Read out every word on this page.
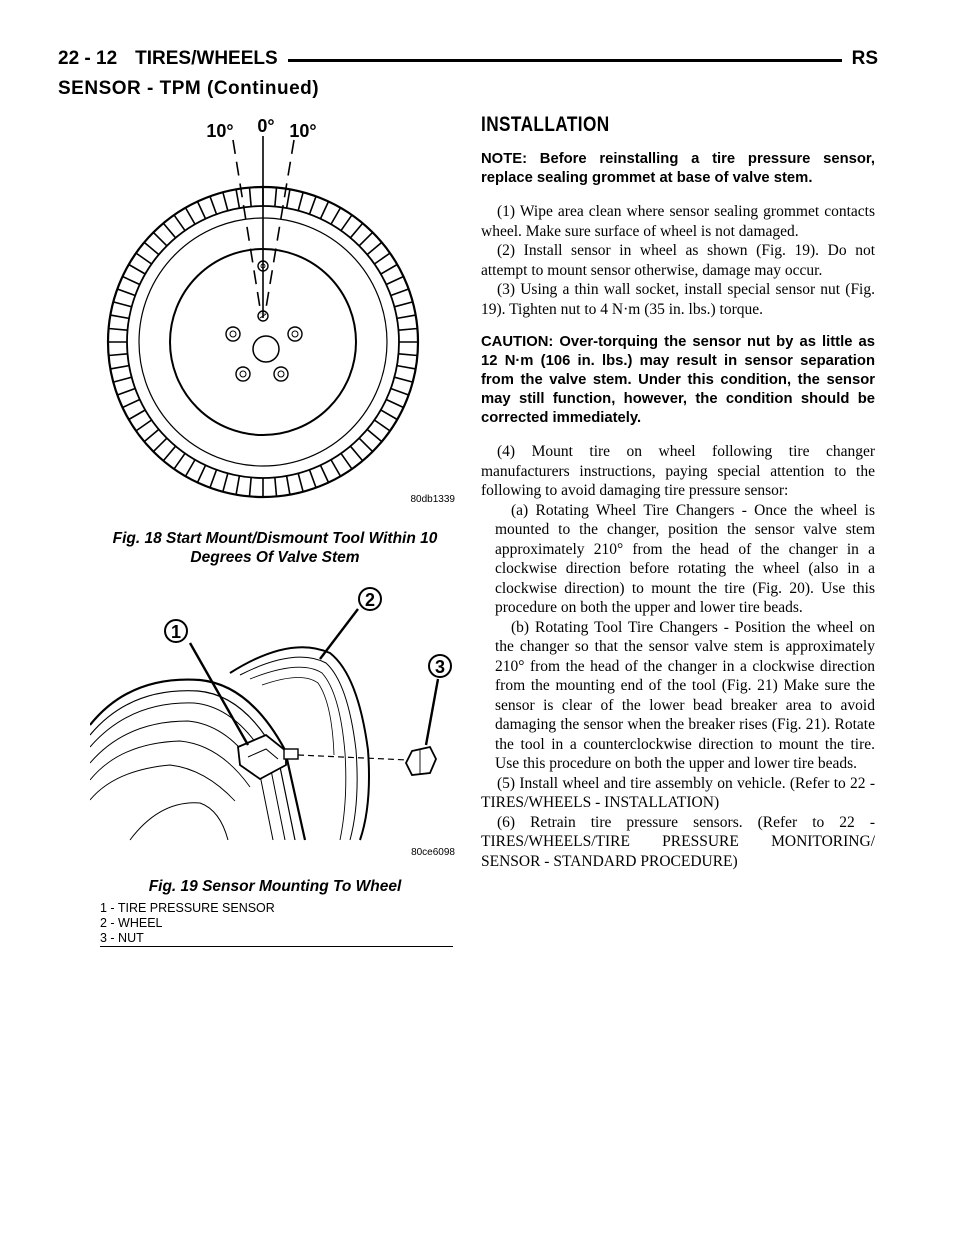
22 - 12 TIRES/WHEELS	RS
SENSOR - TPM (Continued)
10° 0° 10°
80db1339
Fig. 18 Start Mount/Dismount Tool Within 10
Degrees Of Valve Stem
1
2
3
80ce6098
Fig. 19 Sensor Mounting To Wheel
1 - TIRE PRESSURE SENSOR
2 - WHEEL
3 - NUT
INSTALLATION

NOTE: Before reinstalling a tire pressure sensor, replace sealing grommet at base of valve stem.

(1) Wipe area clean where sensor sealing grommet contacts wheel. Make sure surface of wheel is not damaged.

(2) Install sensor in wheel as shown (Fig. 19). Do not attempt to mount sensor otherwise, damage may occur.

(3) Using a thin wall socket, install special sensor nut (Fig. 19). Tighten nut to 4 N·m (35 in. lbs.) torque.

CAUTION: Over-torquing the sensor nut by as little as 12 N·m (106 in. lbs.) may result in sensor separation from the valve stem. Under this condition, the sensor may still function, however, the condition should be corrected immediately.

(4) Mount tire on wheel following tire changer manufacturers instructions, paying special attention to the following to avoid damaging tire pressure sensor:

(a) Rotating Wheel Tire Changers - Once the wheel is mounted to the changer, position the sensor valve stem approximately 210° from the head of the changer in a clockwise direction before rotating the wheel (also in a clockwise direction) to mount the tire (Fig. 20). Use this procedure on both the upper and lower tire beads.

(b) Rotating Tool Tire Changers - Position the wheel on the changer so that the sensor valve stem is approximately 210° from the head of the changer in a clockwise direction from the mounting end of the tool (Fig. 21) Make sure the sensor is clear of the lower bead breaker area to avoid damaging the sensor when the breaker rises (Fig. 21). Rotate the tool in a counterclockwise direction to mount the tire. Use this procedure on both the upper and lower tire beads.

(5) Install wheel and tire assembly on vehicle. (Refer to 22 - TIRES/WHEELS - INSTALLATION)

(6) Retrain tire pressure sensors. (Refer to 22 - TIRES/WHEELS/TIRE PRESSURE MONITORING/ SENSOR - STANDARD PROCEDURE)
